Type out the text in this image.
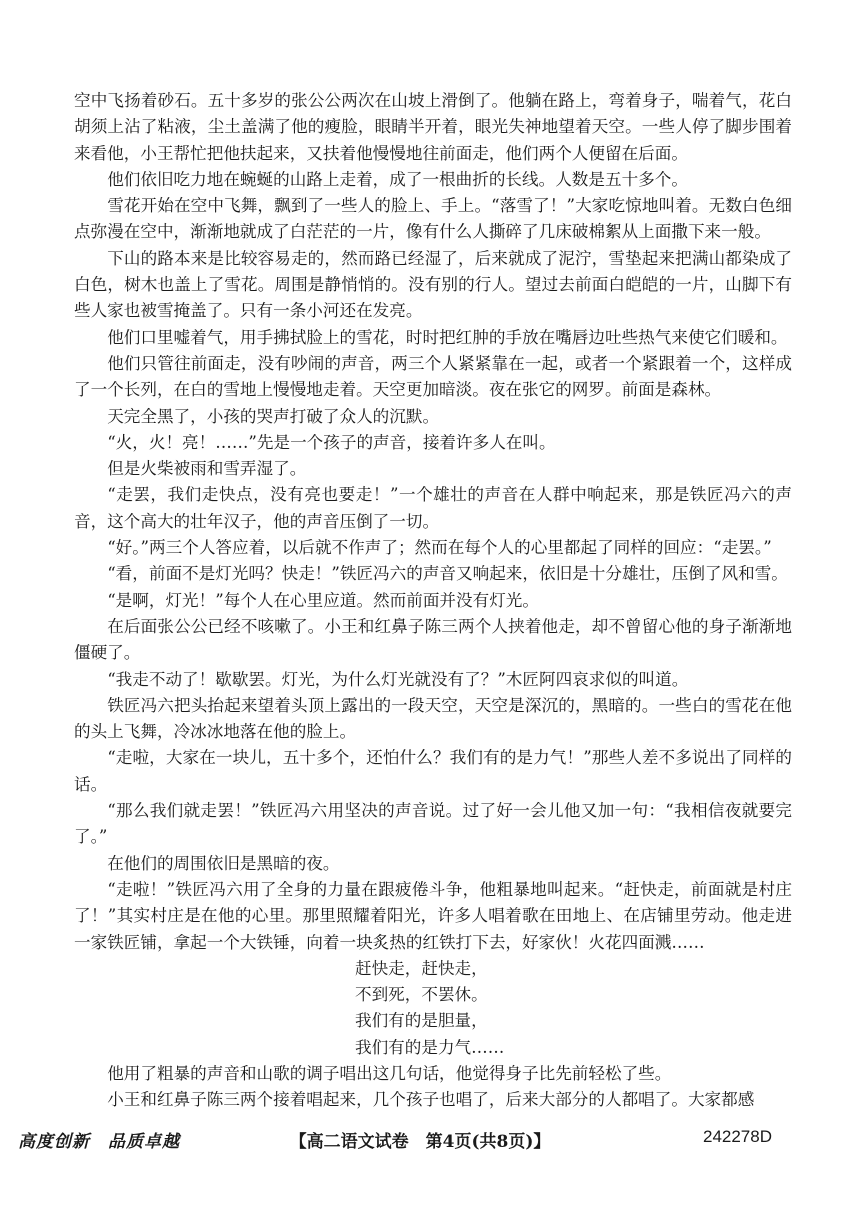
空中飞扬着砂石。五十多岁的张公公两次在山坡上滑倒了。他躺在路上，弯着身子，喘着气，花白胡须上沾了粘液，尘土盖满了他的瘦脸，眼睛半开着，眼光失神地望着天空。一些人停了脚步围着来看他，小王帮忙把他扶起来，又扶着他慢慢地往前面走，他们两个人便留在后面。

他们依旧吃力地在蜿蜒的山路上走着，成了一根曲折的长线。人数是五十多个。

雪花开始在空中飞舞，飘到了一些人的脸上、手上。“落雪了！”大家吃惊地叫着。无数白色细点弥漫在空中，渐渐地就成了白茫茫的一片，像有什么人撕碎了几床破棉絮从上面撒下来一般。

下山的路本来是比较容易走的，然而路已经湿了，后来就成了泥泞，雪垫起来把满山都染成了白色，树木也盖上了雪花。周围是静悄悄的。没有别的行人。望过去前面白皑皑的一片，山脚下有些人家也被雪掩盖了。只有一条小河还在发亮。

他们口里嘘着气，用手拂拭脸上的雪花，时时把红肿的手放在嘴唇边吐些热气来使它们暖和。

他们只管往前面走，没有吵闹的声音，两三个人紧紧靠在一起，或者一个紧跟着一个，这样成了一个长列，在白的雪地上慢慢地走着。天空更加暗淡。夜在张它的网罗。前面是森林。

天完全黑了，小孩的哭声打破了众人的沉默。

“火，火！亮！……”先是一个孩子的声音，接着许多人在叫。

但是火柴被雨和雪弄湿了。

“走罢，我们走快点，没有亮也要走！”一个雄壮的声音在人群中响起来，那是铁匠冯六的声音，这个高大的壮年汉子，他的声音压倒了一切。

“好。”两三个人答应着，以后就不作声了；然而在每个人的心里都起了同样的回应：“走罢。”

“看，前面不是灯光吗？快走！”铁匠冯六的声音又响起来，依旧是十分雄壮，压倒了风和雪。

“是啊，灯光！”每个人在心里应道。然而前面并没有灯光。

在后面张公公已经不咳嗽了。小王和红鼻子陈三两个人挟着他走，却不曾留心他的身子渐渐地僵硬了。

“我走不动了！歇歇罢。灯光，为什么灯光就没有了？”木匠阿四哀求似的叫道。

铁匠冯六把头抬起来望着头顶上露出的一段天空，天空是深沉的，黑暗的。一些白的雪花在他的头上飞舞，冷冰冰地落在他的脸上。

“走啦，大家在一块儿，五十多个，还怕什么？我们有的是力气！”那些人差不多说出了同样的话。

“那么我们就走罢！”铁匠冯六用坚决的声音说。过了好一会儿他又加一句：“我相信夜就要完了。”

在他们的周围依旧是黑暗的夜。

“走啦！”铁匠冯六用了全身的力量在跟疲倦斗争，他粗暴地叫起来。“赶快走，前面就是村庄了！”其实村庄是在他的心里。那里照耀着阳光，许多人唱着歌在田地上、在店铺里劳动。他走进一家铁匠铺，拿起一个大铁锤，向着一块炙热的红铁打下去，好家伙！火花四面溅……

赶快走，赶快走，
不到死，不罢休。
我们有的是胆量，
我们有的是力气……

他用了粗暴的声音和山歌的调子唱出这几句话，他觉得身子比先前轻松了些。

小王和红鼻子陈三两个接着唱起来，几个孩子也唱了，后来大部分的人都唱了。大家都感

高度创新　品质卓越	【高二语文试卷　第4页(共8页)】	242278D
